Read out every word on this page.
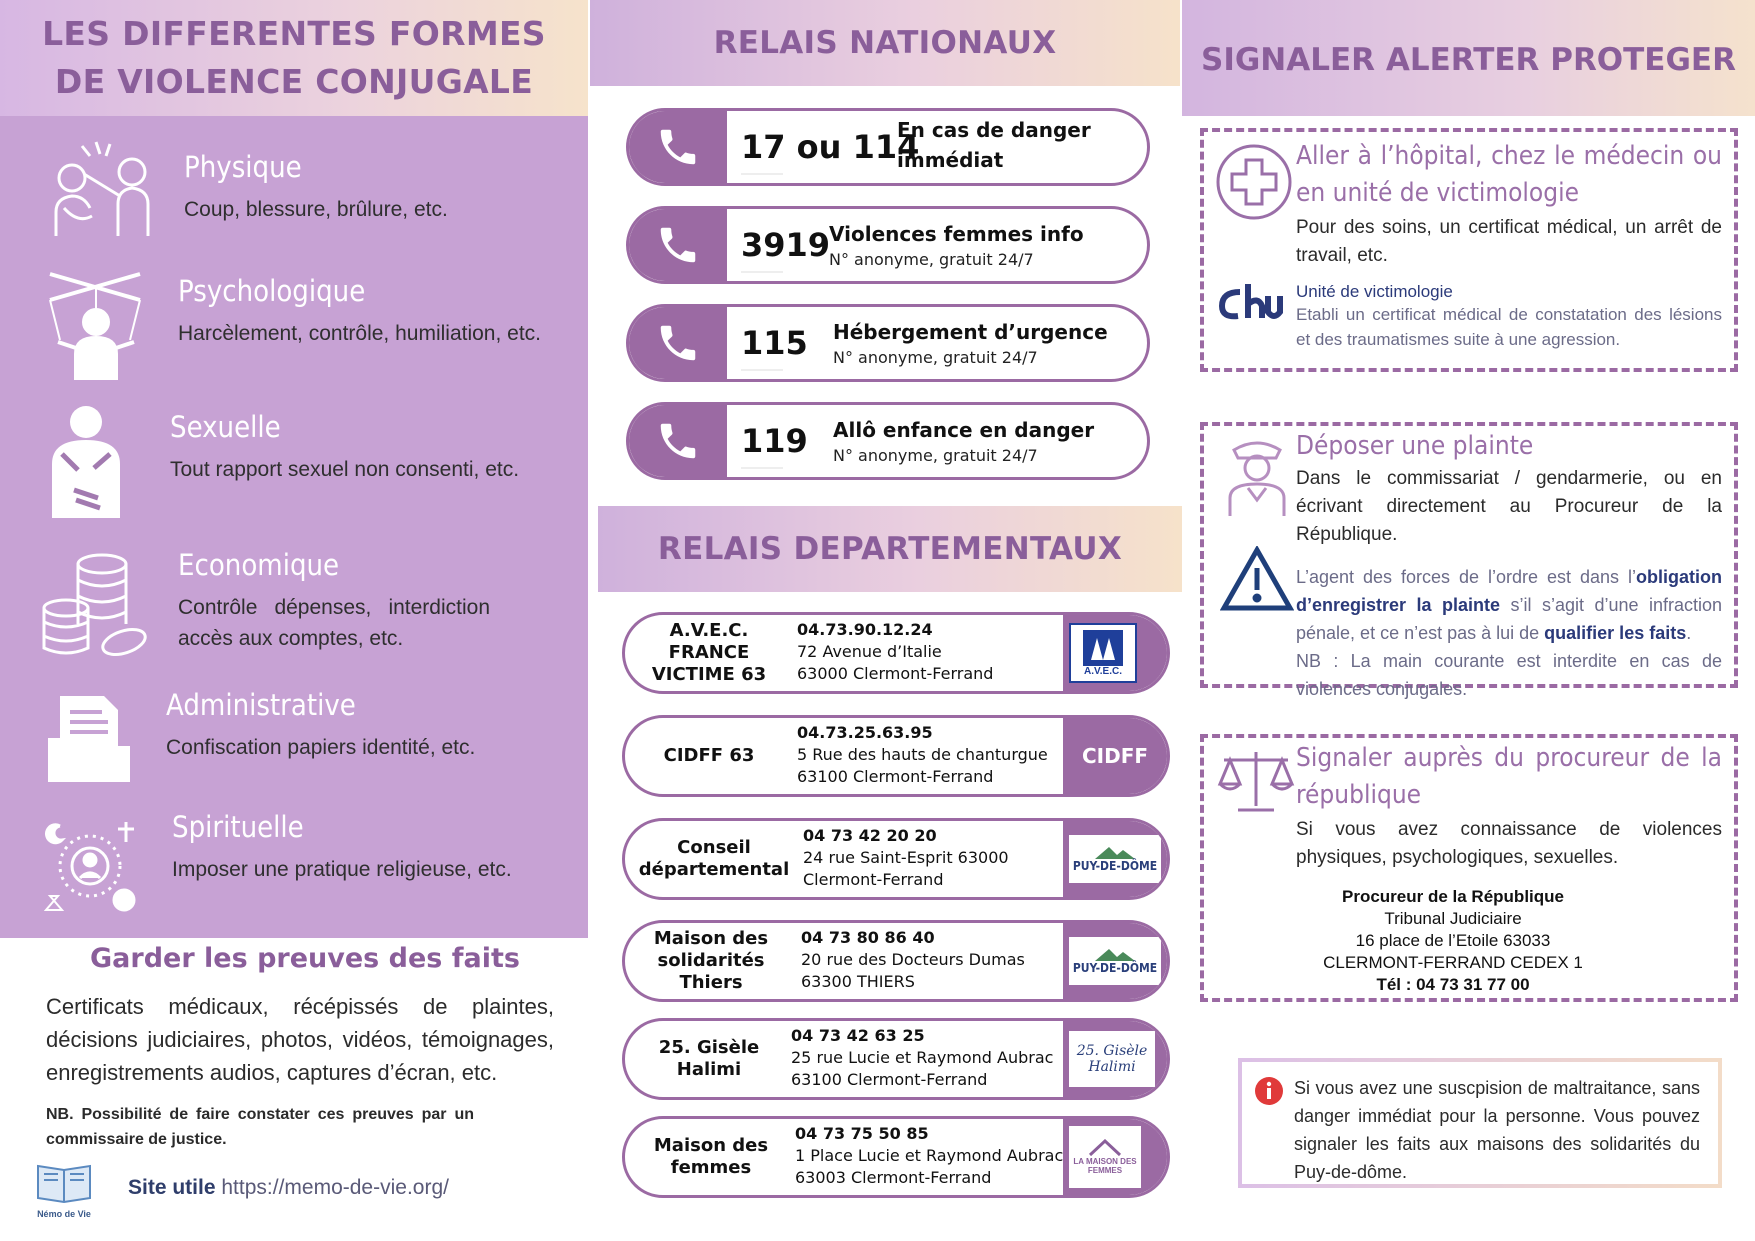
LES DIFFERENTES FORMES
DE VIOLENCE CONJUGALE
Physique
Coup, blessure, brûlure, etc.
Psychologique
Harcèlement, contrôle, humiliation, etc.
Sexuelle
Tout rapport sexuel non consenti, etc.
Economique
Contrôle dépenses, interdiction accès aux comptes, etc.
Administrative
Confiscation papiers identité, etc.
Spirituelle
Imposer une pratique religieuse, etc.
Garder les preuves des faits
Certificats médicaux, récépissés de plaintes, décisions judiciaires, photos, vidéos, témoignages, enregistrements audios, captures d’écran, etc.
NB. Possibilité de faire constater ces preuves par un commissaire de justice.
Némo de Vie
Site utile https://memo-de-vie.org/
RELAIS NATIONAUX
17 ou 114
En cas de danger immédiat
3919
Violences femmes info
N° anonyme, gratuit 24/7
115 Hébergement d’urgence
N° anonyme, gratuit 24/7
119 Allô enfance en danger
N° anonyme, gratuit 24/7
RELAIS DEPARTEMENTAUX
A.V.E.C. FRANCE VICTIME 63
04.73.90.12.24
72 Avenue d’Italie
63000 Clermont-Ferrand	A.V.E.C.
CIDFF 63
04.73.25.63.95
5 Rue des hauts de chanturgue
63100 Clermont-Ferrand
CIDFF
Conseil départemental
04 73 42 20 20
24 rue Saint-Esprit 63000
Clermont-Ferrand
PUY-DE-DÔME
Maison des solidarités Thiers
04 73 80 86 40
20 rue des Docteurs Dumas
63300 THIERS
PUY-DE-DÔME
25. Gisèle Halimi
04 73 42 63 25
25 rue Lucie et Raymond Aubrac
63100 Clermont-Ferrand
25. Gisèle Halimi
Maison des femmes
04 73 75 50 85
1 Place Lucie et Raymond Aubrac
63003 Clermont-Ferrand
LA MAISON DES FEMMES
SIGNALER ALERTER PROTEGER
Aller à l’hôpital, chez le médecin ou en unité de victimologie
Pour des soins, un certificat médical, un arrêt de travail, etc.
Unité de victimologie
Etabli un certificat médical de constatation des lésions et des traumatismes suite à une agression.
Déposer une plainte
Dans le commissariat / gendarmerie, ou en écrivant directement au Procureur de la République.
L’agent des forces de l’ordre est dans l’obligation d’enregistrer la plainte s’il s’agit d’une infraction pénale, et ce n’est pas à lui de qualifier les faits.
NB : La main courante est interdite en cas de violences conjugales.
Signaler auprès du procureur de la république
Si vous avez connaissance de violences physiques, psychologiques, sexuelles.
Procureur de la République
Tribunal Judiciaire
16 place de l’Etoile 63033
CLERMONT-FERRAND CEDEX 1
Tél : 04 73 31 77 00
Si vous avez une suscpision de maltraitance, sans danger immédiat pour la personne. Vous pouvez signaler les faits aux maisons des solidarités du Puy-de-dôme.
